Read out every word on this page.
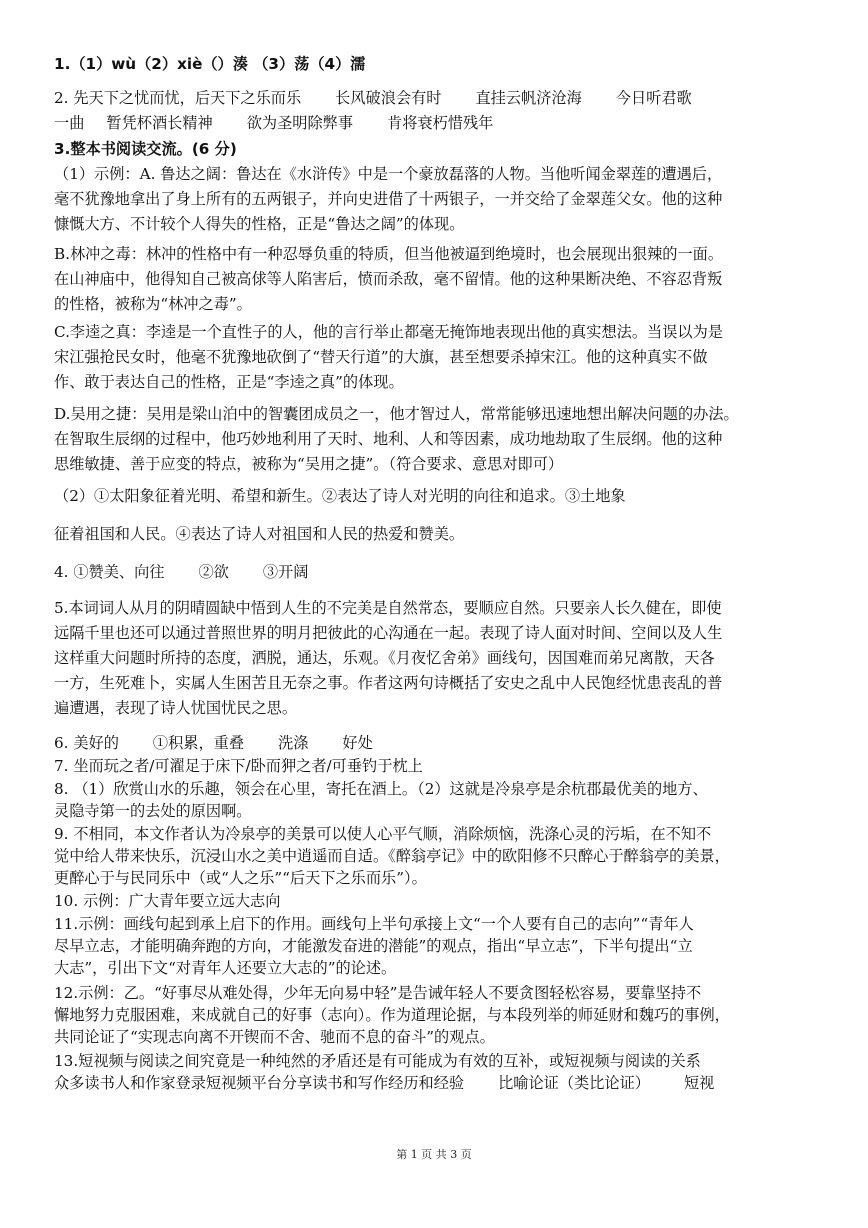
1.（1）wù（2）xiè（）湊 （3）荡（4）濡
2. 先天下之忧而忧，后天下之乐而乐 长风破浪会有时 直挂云帆济沧海 今日听君歌
一曲 暂凭杯酒长精神 欲为圣明除弊事 肯将衰朽惜残年
3.整本书阅读交流。(6 分)
（1）示例：A. 鲁达之阔：鲁达在《水浒传》中是一个豪放磊落的人物。当他听闻金翠莲的遭遇后，
毫不犹豫地拿出了身上所有的五两银子，并向史进借了十两银子，一并交给了金翠莲父女。他的这种
慷慨大方、不计较个人得失的性格，正是“鲁达之阔”的体现。
B.林冲之毒：林冲的性格中有一种忍辱负重的特质，但当他被逼到绝境时，也会展现出狠辣的一面。
在山神庙中，他得知自己被高俅等人陷害后，愤而杀敌，毫不留情。他的这种果断决绝、不容忍背叛
的性格，被称为“林冲之毒”。
C.李逵之真：李逵是一个直性子的人，他的言行举止都毫无掩饰地表现出他的真实想法。当误以为是
宋江强抢民女时，他毫不犹豫地砍倒了“替天行道”的大旗，甚至想要杀掉宋江。他的这种真实不做
作、敢于表达自己的性格，正是“李逵之真”的体现。
D.吴用之捷：吴用是梁山泊中的智囊团成员之一，他才智过人，常常能够迅速地想出解决问题的办法。
在智取生辰纲的过程中，他巧妙地利用了天时、地利、人和等因素，成功地劫取了生辰纲。他的这种
思维敏捷、善于应变的特点，被称为“吴用之捷”。（符合要求、意思对即可）
（2）①太阳象征着光明、希望和新生。②表达了诗人对光明的向往和追求。③土地象
征着祖国和人民。④表达了诗人对祖国和人民的热爱和赞美。
4. ①赞美、向往 ②欲 ③开阔
5.本词词人从月的阴晴圆缺中悟到人生的不完美是自然常态，要顺应自然。只要亲人长久健在，即使
远隔千里也还可以通过普照世界的明月把彼此的心沟通在一起。表现了诗人面对时间、空间以及人生
这样重大问题时所持的态度，洒脱，通达，乐观。《月夜忆舍弟》画线句，因国难而弟兄离散，天各
一方，生死难卜，实属人生困苦且无奈之事。作者这两句诗概括了安史之乱中人民饱经忧患丧乱的普
遍遭遇，表现了诗人忧国忧民之思。
6. 美好的 ①积累，重叠 洗涤 好处
7. 坐而玩之者/可濯足于床下/卧而狎之者/可垂钓于枕上
8. （1）欣赏山水的乐趣，领会在心里，寄托在酒上。（2）这就是冷泉亭是余杭郡最优美的地方、
灵隐寺第一的去处的原因啊。
9. 不相同，本文作者认为冷泉亭的美景可以使人心平气顺，消除烦恼，洗涤心灵的污垢，在不知不
觉中给人带来快乐，沉浸山水之美中逍遥而自适。《醉翁亭记》中的欧阳修不只醉心于醉翁亭的美景，
更醉心于与民同乐中（或“人之乐”“后天下之乐而乐”）。
10. 示例：广大青年要立远大志向
11.示例：画线句起到承上启下的作用。画线句上半句承接上文“一个人要有自己的志向”“青年人
尽早立志，才能明确奔跑的方向，才能激发奋进的潜能”的观点，指出“早立志”，下半句提出“立
大志”，引出下文“对青年人还要立大志的”的论述。
12.示例：乙。“好事尽从难处得，少年无向易中轻”是告诫年轻人不要贪图轻松容易，要靠坚持不
懈地努力克服困难，来成就自己的好事（志向）。作为道理论据，与本段列举的师延财和魏巧的事例，
共同论证了“实现志向离不开锲而不舍、驰而不息的奋斗”的观点。
13.短视频与阅读之间究竟是一种纯然的矛盾还是有可能成为有效的互补，或短视频与阅读的关系
众多读书人和作家登录短视频平台分享读书和写作经历和经验 比喻论证（类比论证） 短视
第 1 页 共 3 页
